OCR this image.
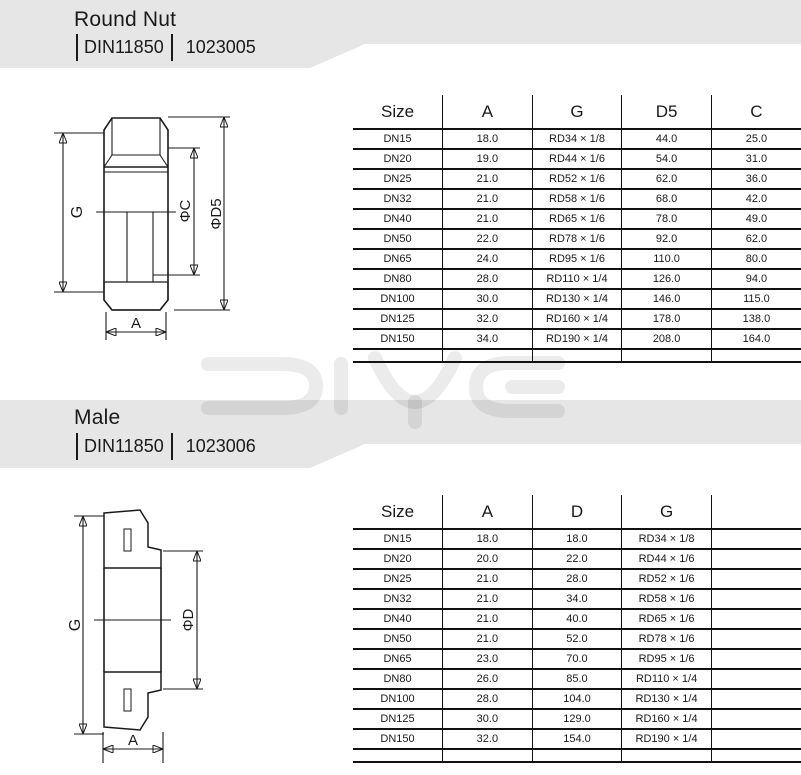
Round Nut
DIN11850 1023005
G	ΦC ΦD5
A
Size	A	G	D5	C
DN15	18.0	RD34 × 1/8	44.0	25.0
DN20	19.0	RD44 × 1/6	54.0	31.0
DN25	21.0	RD52 × 1/6	62.0	36.0
DN32	21.0	RD58 × 1/6	68.0	42.0
DN40	21.0	RD65 × 1/6	78.0	49.0
DN50	22.0	RD78 × 1/6	92.0	62.0
DN65	24.0	RD95 × 1/6	110.0	80.0
DN80	28.0	RD110 × 1/4	126.0	94.0
DN100	30.0	RD130 × 1/4	146.0	115.0
DN125	32.0	RD160 × 1/4	178.0	138.0
DN150	34.0	RD190 × 1/4	208.0	164.0

Male
DIN11850 1023006
G	ΦD
A
Size	A	D	G	
DN15	18.0	18.0	RD34 × 1/8	
DN20	20.0	22.0	RD44 × 1/6	
DN25	21.0	28.0	RD52 × 1/6	
DN32	21.0	34.0	RD58 × 1/6	
DN40	21.0	40.0	RD65 × 1/6	
DN50	21.0	52.0	RD78 × 1/6	
DN65	23.0	70.0	RD95 × 1/6	
DN80	26.0	85.0	RD110 × 1/4	
DN100	28.0	104.0	RD130 × 1/4	
DN125	30.0	129.0	RD160 × 1/4	
DN150	32.0	154.0	RD190 × 1/4	
